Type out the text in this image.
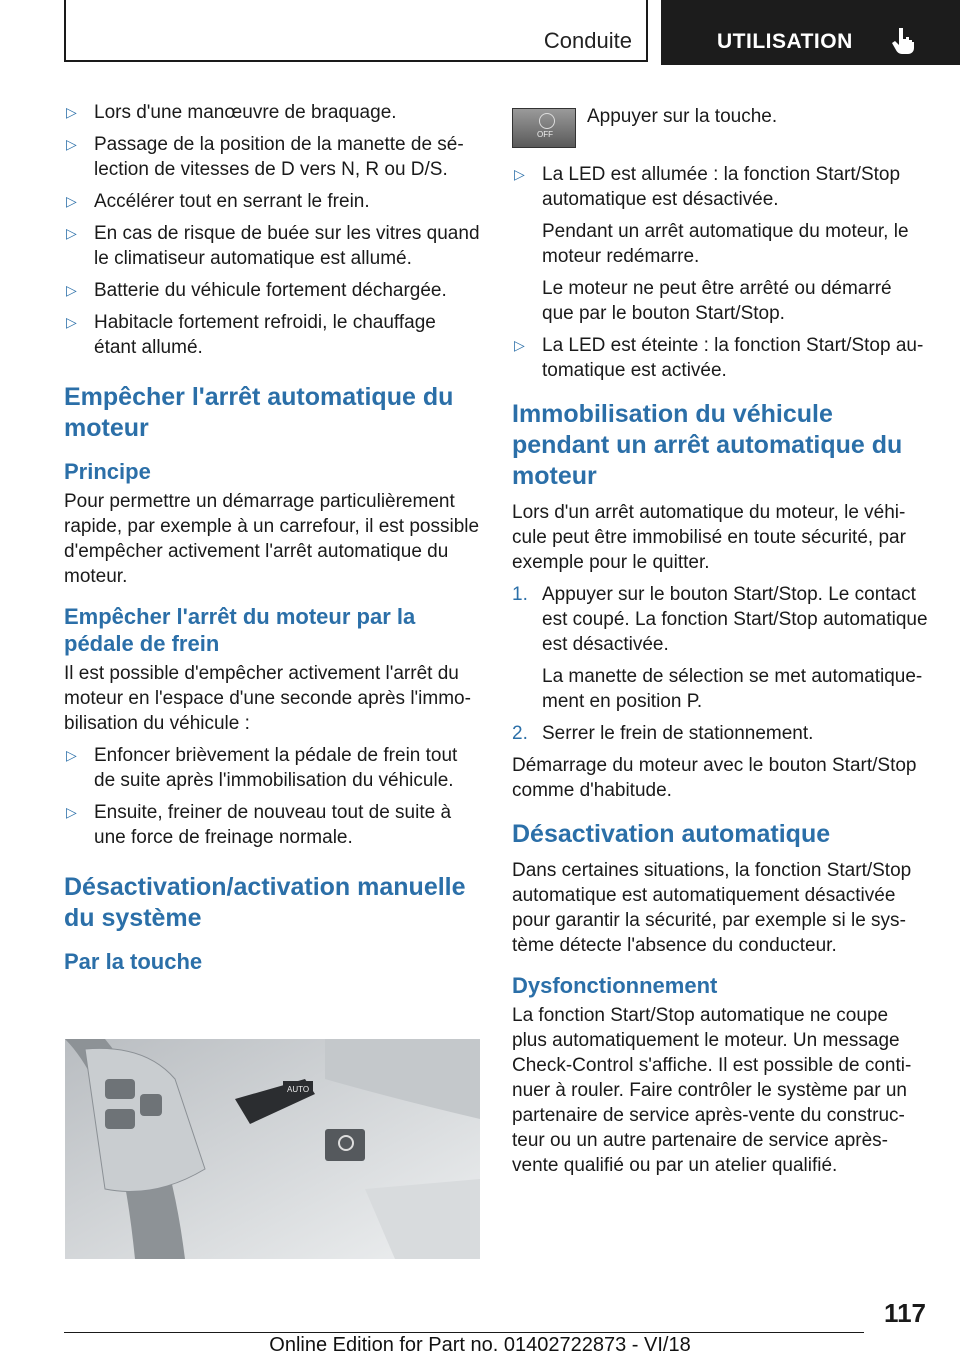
Conduite	UTILISATION
▷ Lors d'une manœuvre de braquage.
▷ Passage de la position de la manette de sélection de vitesses de D vers N, R ou D/S.
▷ Accélérer tout en serrant le frein.
▷ En cas de risque de buée sur les vitres quand le climatiseur automatique est allumé.
▷ Batterie du véhicule fortement déchargée.
▷ Habitacle fortement refroidi, le chauffage étant allumé.
Empêcher l'arrêt automatique du moteur
Principe

Pour permettre un démarrage particulièrement rapide, par exemple à un carrefour, il est possible d'empêcher activement l'arrêt automatique du moteur.

Empêcher l'arrêt du moteur par la pédale de frein

Il est possible d'empêcher activement l'arrêt du moteur en l'espace d'une seconde après l'immobilisation du véhicule :

▷ Enfoncer brièvement la pédale de frein tout de suite après l'immobilisation du véhicule.
▷ Ensuite, freiner de nouveau tout de suite à une force de freinage normale.
Désactivation/activation manuelle du système
Par la touche
AUTO
OFF
Appuyer sur la touche.
▷ La LED est allumée : la fonction Start/Stop automatique est désactivée.
Pendant un arrêt automatique du moteur, le moteur redémarre.
Le moteur ne peut être arrêté ou démarré que par le bouton Start/Stop.
▷ La LED est éteinte : la fonction Start/Stop automatique est activée.
Immobilisation du véhicule pendant un arrêt automatique du moteur

Lors d'un arrêt automatique du moteur, le véhicule peut être immobilisé en toute sécurité, par exemple pour le quitter.

1. Appuyer sur le bouton Start/Stop. Le contact est coupé. La fonction Start/Stop automatique est désactivée.
La manette de sélection se met automatiquement en position P.
2. Serrer le frein de stationnement.

Démarrage du moteur avec le bouton Start/Stop comme d'habitude.

Désactivation automatique

Dans certaines situations, la fonction Start/Stop automatique est automatiquement désactivée pour garantir la sécurité, par exemple si le système détecte l'absence du conducteur.

Dysfonctionnement

La fonction Start/Stop automatique ne coupe plus automatiquement le moteur. Un message Check-Control s'affiche. Il est possible de continuer à rouler. Faire contrôler le système par un partenaire de service après-vente du constructeur ou un autre partenaire de service après-vente qualifié ou par un atelier qualifié.

117
Online Edition for Part no. 01402722873 - VI/18
